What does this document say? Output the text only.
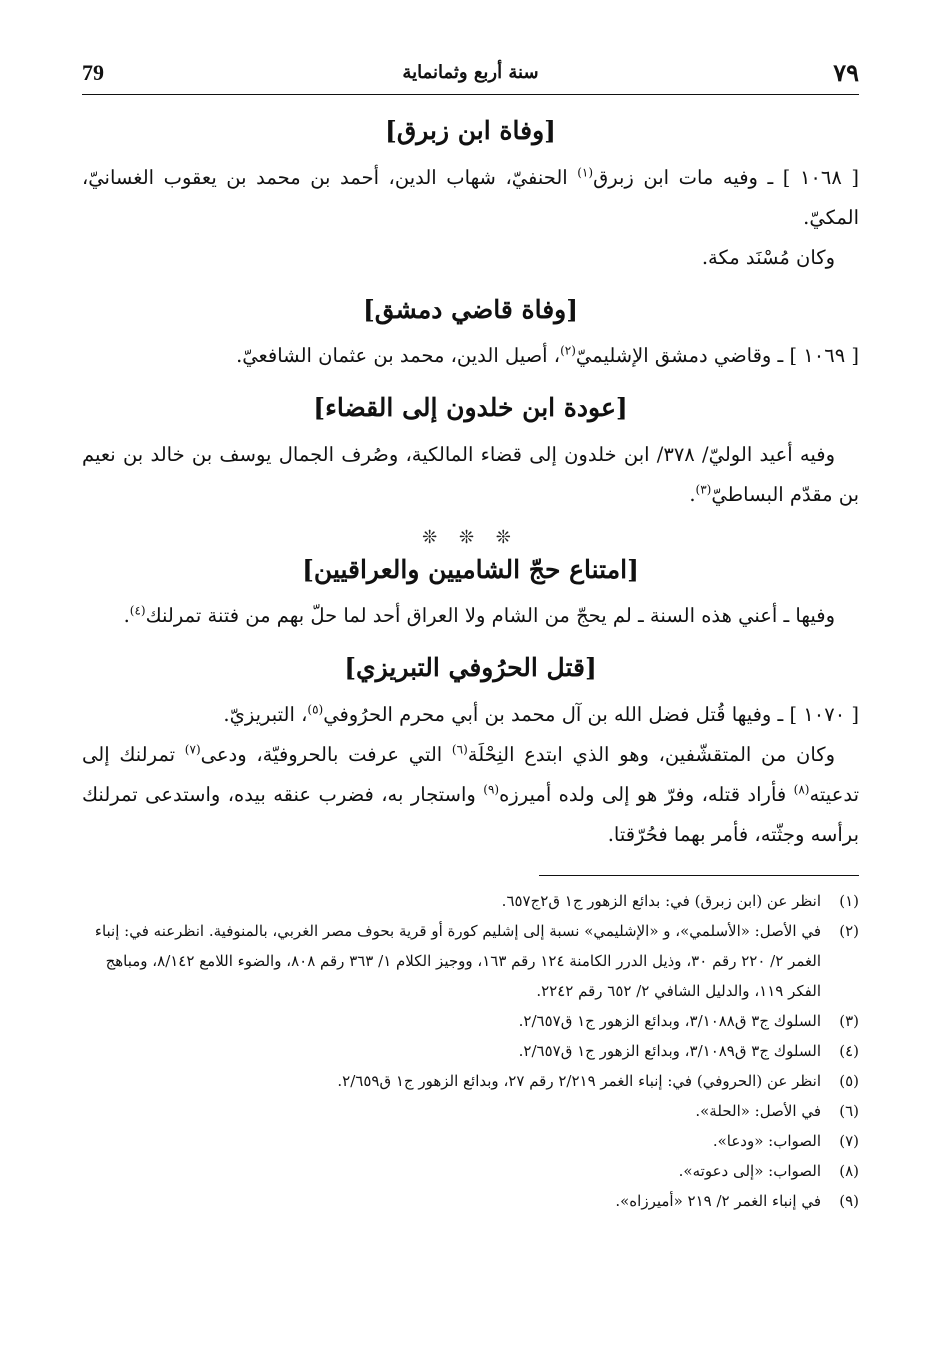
٧٩
سنة أربع وثمانماية
79
[وفاة ابن زبرق]

[ ١٠٦٨ ] ـ وفيه مات ابن زبرق$^{(١)}$ الحنفيّ، شهاب الدين، أحمد بن محمد بن يعقوب الغسانيّ، المكيّ.

وكان مُسْنَد مكة.

[وفاة قاضي دمشق]

[ ١٠٦٩ ] ـ وقاضي دمشق الإشليميّ$^{(٢)}$، أصيل الدين، محمد بن عثمان الشافعيّ.

[عودة ابن خلدون إلى القضاء]

وفيه أعيد الوليّ/ ٣٧٨/ ابن خلدون إلى قضاء المالكية، وصُرف الجمال يوسف بن خالد بن نعيم بن مقدّم البساطيّ$^{(٣)}$.

❊ ❊ ❊
[امتناع حجّ الشاميين والعراقيين]

وفيها ـ أعني هذه السنة ـ لم يحجّ من الشام ولا العراق أحد لما حلّ بهم من فتنة تمرلنك$^{(٤)}$.

[قتل الحرُوفي التبريزي]

[ ١٠٧٠ ] ـ وفيها قُتل فضل الله بن آل محمد بن أبي محرم الحرُوفي$^{(٥)}$، التبريزيّ.

وكان من المتقشّفين، وهو الذي ابتدع النِحْلَة$^{(٦)}$ التي عرفت بالحروفيّة، ودعى$^{(٧)}$ تمرلنك إلى تدعيته$^{(٨)}$ فأراد قتله، وفرّ هو إلى ولده أميرزه$^{(٩)}$ واستجار به، فضرب عنقه بيده، واستدعى تمرلنك برأسه وجثّته، فأمر بهما فحُرّقتا.

(١)
انظر عن (ابن زبرق) في: بدائع الزهور ج١ ق٢ج٦٥٧.
(٢)
في الأصل: «الأسلمي»، و «الإشليمي» نسبة إلى إشليم كورة أو قرية بحوف مصر الغربي، بالمنوفية. انظرعنه في: إنباء الغمر ٢/ ٢٢٠ رقم ٣٠، وذيل الدرر الكامنة ١٢٤ رقم ١٦٣، ووجيز الكلام ١/ ٣٦٣ رقم ٨٠٨، والضوء اللامع ٨/١٤٢، ومباهج الفكر ١١٩، والدليل الشافي ٢/ ٦٥٢ رقم ٢٢٤٢.
(٣)
السلوك ج٣ ق٣/١٠٨٨، وبدائع الزهور ج١ ق٢/٦٥٧.
(٤)
السلوك ج٣ ق٣/١٠٨٩، وبدائع الزهور ج١ ق٢/٦٥٧.
(٥)
انظر عن (الحروفي) في: إنباء الغمر ٢/٢١٩ رقم ٢٧، وبدائع الزهور ج١ ق٢/٦٥٩.
(٦)
في الأصل: «الحلة».
(٧)
الصواب: «ودعا».
(٨)
الصواب: «إلى دعوته».
(٩)
في إنباء الغمر ٢/ ٢١٩ «أميرزاه».
